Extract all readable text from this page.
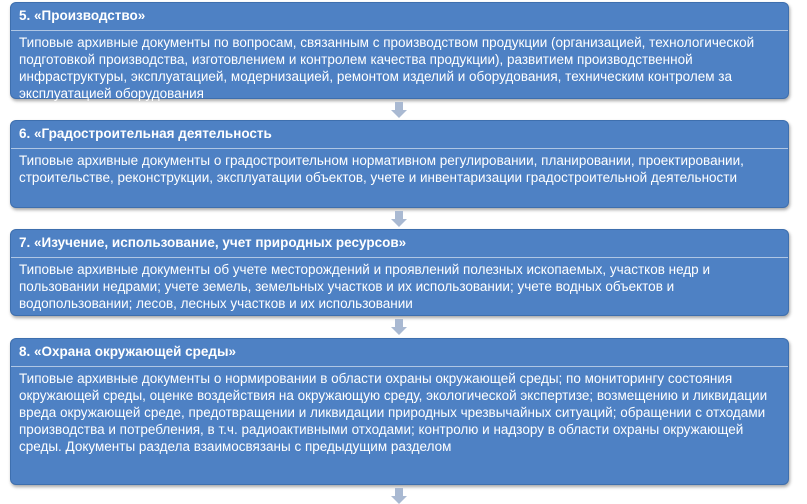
5. «Производство»
Типовые архивные документы по вопросам, связанным с производством продукции (организацией, технологической подготовкой производства, изготовлением и контролем качества продукции), развитием производственной инфраструктуры, эксплуатацией, модернизацией, ремонтом изделий и оборудования, техническим контролем за эксплуатацией оборудования
6. «Градостроительная деятельность
Типовые архивные документы о градостроительном нормативном регулировании, планировании, проектировании, строительстве, реконструкции, эксплуатации объектов, учете и инвентаризации градостроительной деятельности
7. «Изучение, использование, учет природных ресурсов»
Типовые архивные документы об учете месторождений и проявлений полезных ископаемых, участков недр и пользовании недрами; учете земель, земельных участков и их использовании; учете водных объектов и водопользовании; лесов, лесных участков и их использовании
8. «Охрана окружающей среды»
Типовые архивные документы о нормировании в области охраны окружающей среды; по мониторингу состояния окружающей среды, оценке воздействия на окружающую среду, экологической экспертизе; возмещению и ликвидации вреда окружающей среде, предотвращении и ликвидации природных чрезвычайных ситуаций; обращении с отходами производства и потребления, в т.ч. радиоактивными отходами; контролю и надзору в области охраны окружающей среды. Документы раздела взаимосвязаны с предыдущим разделом
